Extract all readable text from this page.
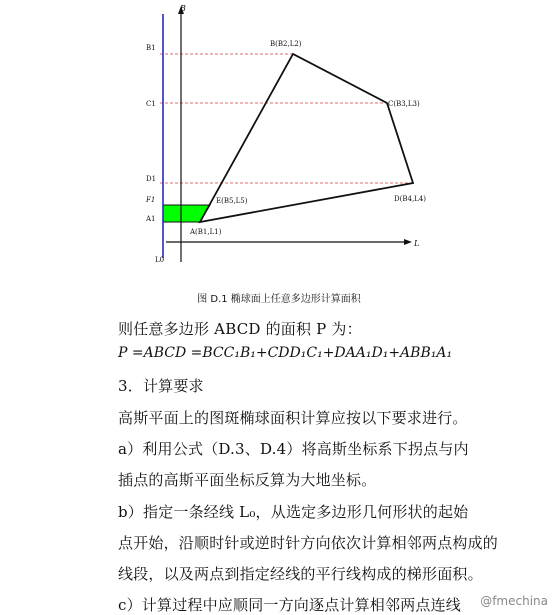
B
L
L0
B1
C1
D1
F1
A1
B(B2,L2)
C(B3,L3)
D(B4,L4)
E(B5,L5)
A(B1,L1)
图 D.1 椭球面上任意多边形计算面积
则任意多边形 ABCD 的面积 P 为：
P =ABCD =BCC₁B₁+CDD₁C₁+DAA₁D₁+ABB₁A₁
3．计算要求
高斯平面上的图斑椭球面积计算应按以下要求进行。
a）利用公式（D.3、D.4）将高斯坐标系下拐点与内
插点的高斯平面坐标反算为大地坐标。
b）指定一条经线 L₀，从选定多边形几何形状的起始
点开始，沿顺时针或逆时针方向依次计算相邻两点构成的
线段，以及两点到指定经线的平行线构成的梯形面积。
c）计算过程中应顺同一方向逐点计算相邻两点连线 @fmechina
